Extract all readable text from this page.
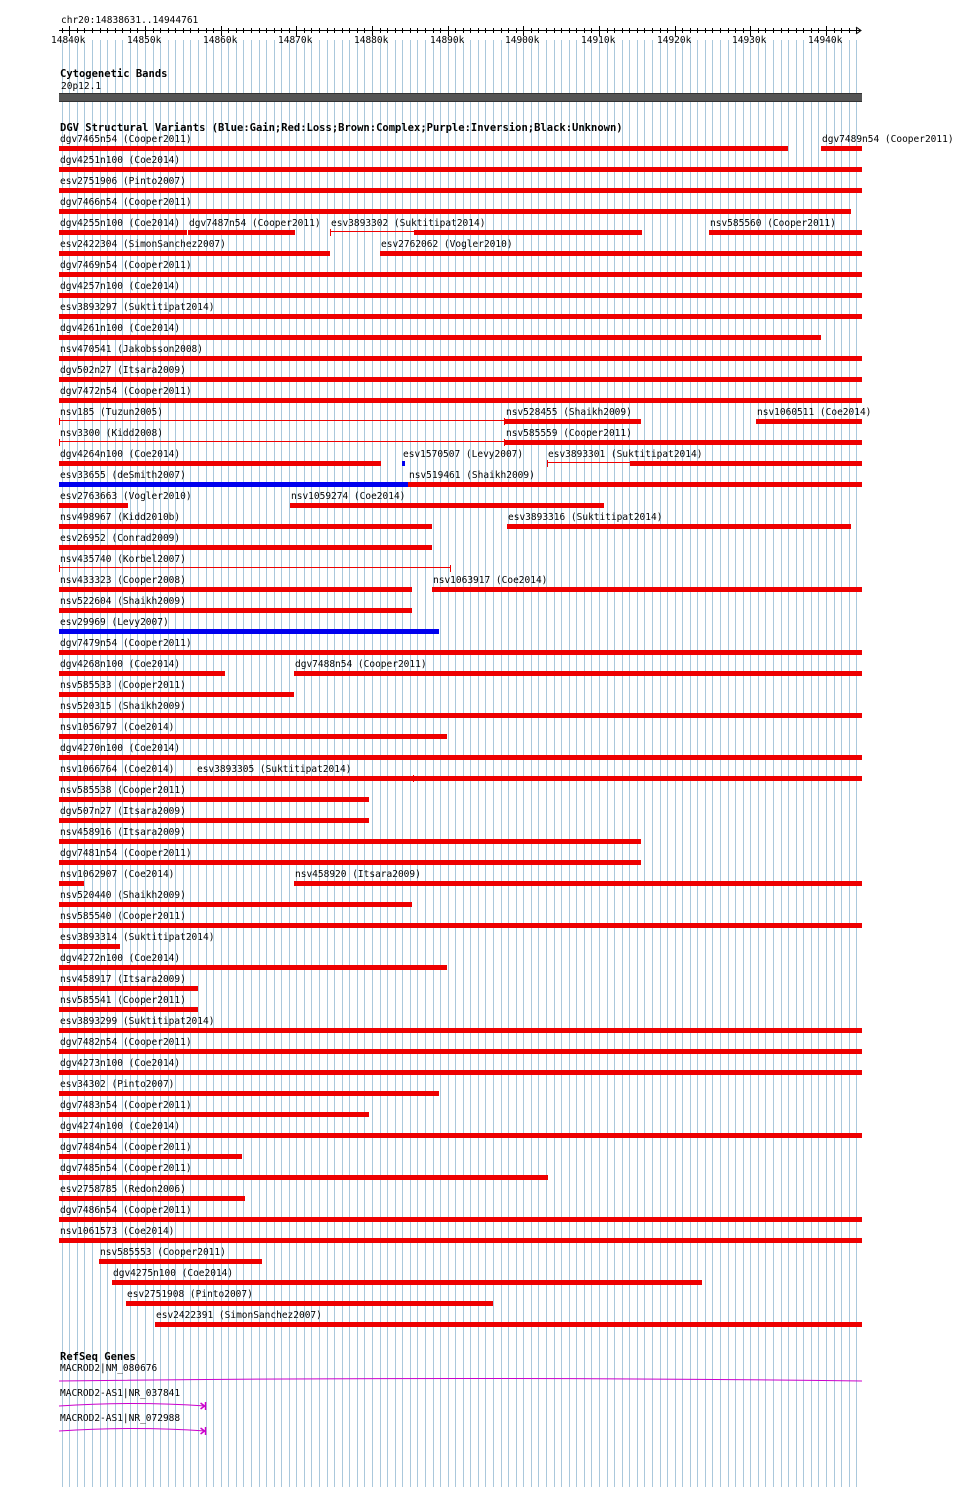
chr20:14838631..14944761
14840k	14850k	14860k	14870k	14880k	14890k	14900k	14910k	14920k	14930k	14940k
Cytogenetic Bands
20p12.1
DGV Structural Variants (Blue:Gain;Red:Loss;Brown:Complex;Purple:Inversion;Black:Unknown)
dgv7465n54 (Cooper2011)	dgv7489n54 (Cooper2011)
dgv4251n100 (Coe2014)
esv2751906 (Pinto2007)
dgv7466n54 (Cooper2011)
dgv4255n100 (Coe2014) dgv7487n54 (Cooper2011) esv3893302 (Suktitipat2014)	nsv585560 (Cooper2011)
esv2422304 (SimonSanchez2007)	esv2762062 (Vogler2010)
dgv7469n54 (Cooper2011)
dgv4257n100 (Coe2014)
esv3893297 (Suktitipat2014)
dgv4261n100 (Coe2014)
nsv470541 (Jakobsson2008)
dgv502n27 (Itsara2009)
dgv7472n54 (Cooper2011)
nsv185 (Tuzun2005)	nsv528455 (Shaikh2009)	nsv1060511 (Coe2014)
nsv3300 (Kidd2008)	nsv585559 (Cooper2011)
dgv4264n100 (Coe2014)	esv1570507 (Levy2007)	esv3893301 (Suktitipat2014)
esv33655 (deSmith2007)	nsv519461 (Shaikh2009)
esv2763663 (Vogler2010)	nsv1059274 (Coe2014)
nsv498967 (Kidd2010b)	esv3893316 (Suktitipat2014)
esv26952 (Conrad2009)
nsv435740 (Korbel2007)
nsv433323 (Cooper2008)	nsv1063917 (Coe2014)
nsv522604 (Shaikh2009)
esv29969 (Levy2007)
dgv7479n54 (Cooper2011)
dgv4268n100 (Coe2014)	dgv7488n54 (Cooper2011)
nsv585533 (Cooper2011)
nsv520315 (Shaikh2009)
nsv1056797 (Coe2014)
dgv4270n100 (Coe2014)
nsv1066764 (Coe2014) esv3893305 (Suktitipat2014)
nsv585538 (Cooper2011)
dgv507n27 (Itsara2009)
nsv458916 (Itsara2009)
dgv7481n54 (Cooper2011)
nsv1062907 (Coe2014)	nsv458920 (Itsara2009)
nsv520440 (Shaikh2009)
nsv585540 (Cooper2011)
esv3893314 (Suktitipat2014)
dgv4272n100 (Coe2014)
nsv458917 (Itsara2009)
nsv585541 (Cooper2011)
esv3893299 (Suktitipat2014)
dgv7482n54 (Cooper2011)
dgv4273n100 (Coe2014)
esv34302 (Pinto2007)
dgv7483n54 (Cooper2011)
dgv4274n100 (Coe2014)
dgv7484n54 (Cooper2011)
dgv7485n54 (Cooper2011)
esv2758785 (Redon2006)
dgv7486n54 (Cooper2011)
nsv1061573 (Coe2014)
nsv585553 (Cooper2011)
dgv4275n100 (Coe2014)
esv2751908 (Pinto2007)
esv2422391 (SimonSanchez2007)
RefSeq Genes
MACROD2|NM_080676
MACROD2-AS1|NR_037841
MACROD2-AS1|NR_072988
